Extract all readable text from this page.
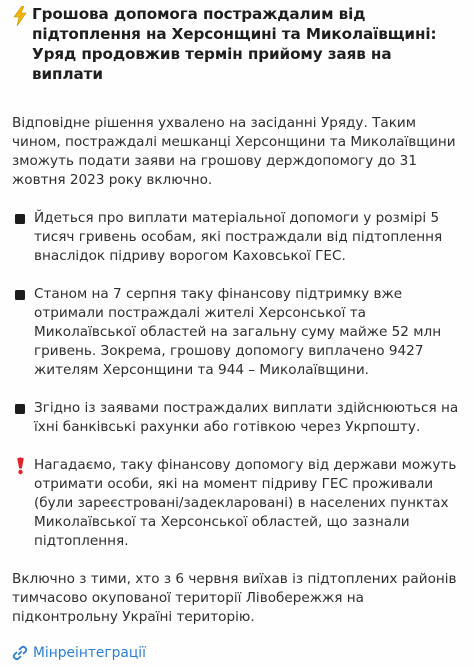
Грошова допомога постраждалим від підтоплення на Херсонщині та Миколаївщині: Уряд продовжив термін прийому заяв на виплати
Відповідне рішення ухвалено на засіданні Уряду. Таким чином, постраждалі мешканці Херсонщини та Миколаївщини зможуть подати заяви на грошову держдопомогу до 31 жовтня 2023 року включно.
Йдеться про виплати матеріальної допомоги у розмірі 5 тисяч гривень особам, які постраждали від підтоплення внаслідок підриву ворогом Каховської ГЕС.
Станом на 7 серпня таку фінансову підтримку вже отримали постраждалі жителі Херсонської та Миколаївської областей на загальну суму майже 52 млн гривень. Зокрема, грошову допомогу виплачено 9427 жителям Херсонщини та 944 – Миколаївщини.
Згідно із заявами постраждалих виплати здійснюються на їхні банківські рахунки або готівкою через Укрпошту.
Нагадаємо, таку фінансову допомогу від держави можуть отримати особи, які на момент підриву ГЕС проживали (були зареєстровані/задекларовані) в населених пунктах Миколаївської та Херсонської областей, що зазнали підтоплення.
Включно з тими, хто з 6 червня виїхав із підтоплених районів тимчасово окупованої території Лівобережжя на підконтрольну Україні територію.
Мінреінтеграції
